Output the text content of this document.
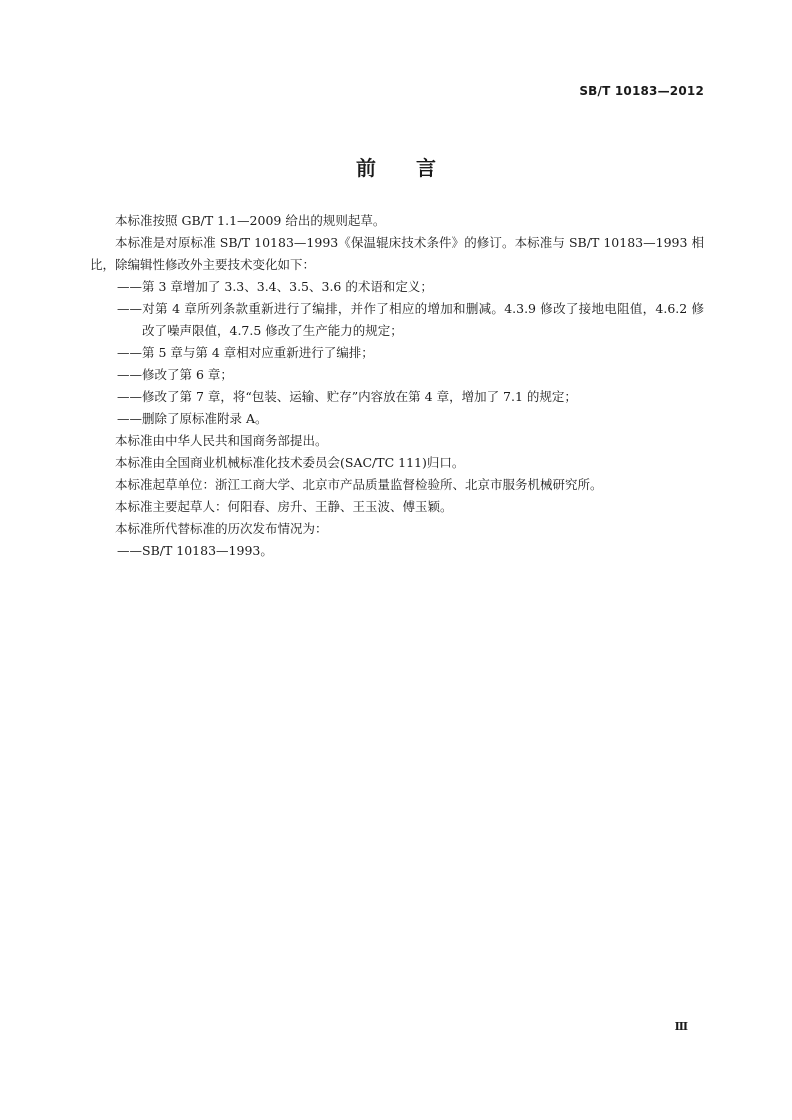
SB/T 10183—2012
前言

本标准按照 GB/T 1.1—2009 给出的规则起草。

本标准是对原标准 SB/T 10183—1993《保温辊床技术条件》的修订。本标准与 SB/T 10183—1993 相比，除编辑性修改外主要技术变化如下：

——第 3 章增加了 3.3、3.4、3.5、3.6 的术语和定义；

——对第 4 章所列条款重新进行了编排，并作了相应的增加和删减。4.3.9 修改了接地电阻值，4.6.2 修改了噪声限值，4.7.5 修改了生产能力的规定；

——第 5 章与第 4 章相对应重新进行了编排；

——修改了第 6 章；

——修改了第 7 章，将“包装、运输、贮存”内容放在第 4 章，增加了 7.1 的规定；

——删除了原标准附录 A。

本标准由中华人民共和国商务部提出。

本标准由全国商业机械标准化技术委员会(SAC/TC 111)归口。

本标准起草单位：浙江工商大学、北京市产品质量监督检验所、北京市服务机械研究所。

本标准主要起草人：何阳春、房升、王静、王玉波、傅玉颖。

本标准所代替标准的历次发布情况为：

——SB/T 10183—1993。

Ⅲ
